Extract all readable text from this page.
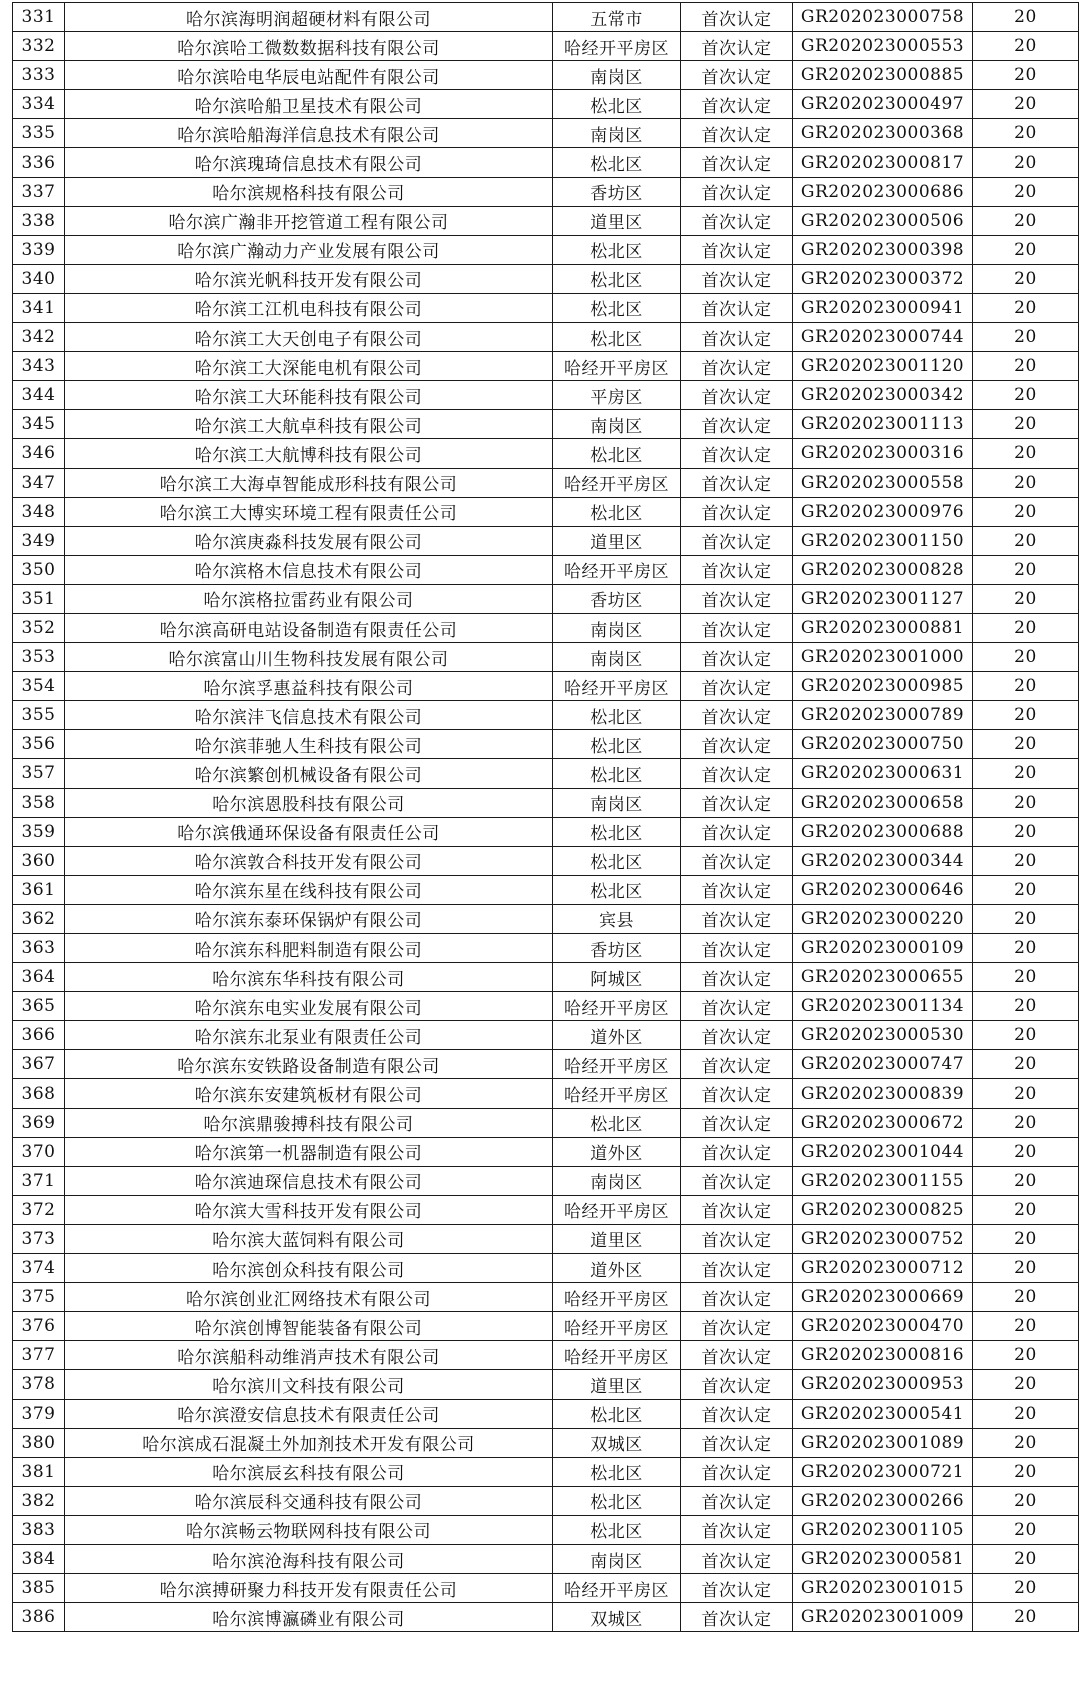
331	哈尔滨海明润超硬材料有限公司	五常市	首次认定	GR202023000758	20
332	哈尔滨哈工微数数据科技有限公司	哈经开平房区	首次认定	GR202023000553	20
333	哈尔滨哈电华辰电站配件有限公司	南岗区	首次认定	GR202023000885	20
334	哈尔滨哈船卫星技术有限公司	松北区	首次认定	GR202023000497	20
335	哈尔滨哈船海洋信息技术有限公司	南岗区	首次认定	GR202023000368	20
336	哈尔滨瑰琦信息技术有限公司	松北区	首次认定	GR202023000817	20
337	哈尔滨规格科技有限公司	香坊区	首次认定	GR202023000686	20
338	哈尔滨广瀚非开挖管道工程有限公司	道里区	首次认定	GR202023000506	20
339	哈尔滨广瀚动力产业发展有限公司	松北区	首次认定	GR202023000398	20
340	哈尔滨光帆科技开发有限公司	松北区	首次认定	GR202023000372	20
341	哈尔滨工江机电科技有限公司	松北区	首次认定	GR202023000941	20
342	哈尔滨工大天创电子有限公司	松北区	首次认定	GR202023000744	20
343	哈尔滨工大深能电机有限公司	哈经开平房区	首次认定	GR202023001120	20
344	哈尔滨工大环能科技有限公司	平房区	首次认定	GR202023000342	20
345	哈尔滨工大航卓科技有限公司	南岗区	首次认定	GR202023001113	20
346	哈尔滨工大航博科技有限公司	松北区	首次认定	GR202023000316	20
347	哈尔滨工大海卓智能成形科技有限公司	哈经开平房区	首次认定	GR202023000558	20
348	哈尔滨工大博实环境工程有限责任公司	松北区	首次认定	GR202023000976	20
349	哈尔滨庚淼科技发展有限公司	道里区	首次认定	GR202023001150	20
350	哈尔滨格木信息技术有限公司	哈经开平房区	首次认定	GR202023000828	20
351	哈尔滨格拉雷药业有限公司	香坊区	首次认定	GR202023001127	20
352	哈尔滨高研电站设备制造有限责任公司	南岗区	首次认定	GR202023000881	20
353	哈尔滨富山川生物科技发展有限公司	南岗区	首次认定	GR202023001000	20
354	哈尔滨孚惠益科技有限公司	哈经开平房区	首次认定	GR202023000985	20
355	哈尔滨沣飞信息技术有限公司	松北区	首次认定	GR202023000789	20
356	哈尔滨菲驰人生科技有限公司	松北区	首次认定	GR202023000750	20
357	哈尔滨繁创机械设备有限公司	松北区	首次认定	GR202023000631	20
358	哈尔滨恩股科技有限公司	南岗区	首次认定	GR202023000658	20
359	哈尔滨俄通环保设备有限责任公司	松北区	首次认定	GR202023000688	20
360	哈尔滨敦合科技开发有限公司	松北区	首次认定	GR202023000344	20
361	哈尔滨东星在线科技有限公司	松北区	首次认定	GR202023000646	20
362	哈尔滨东泰环保锅炉有限公司	宾县	首次认定	GR202023000220	20
363	哈尔滨东科肥料制造有限公司	香坊区	首次认定	GR202023000109	20
364	哈尔滨东华科技有限公司	阿城区	首次认定	GR202023000655	20
365	哈尔滨东电实业发展有限公司	哈经开平房区	首次认定	GR202023001134	20
366	哈尔滨东北泵业有限责任公司	道外区	首次认定	GR202023000530	20
367	哈尔滨东安铁路设备制造有限公司	哈经开平房区	首次认定	GR202023000747	20
368	哈尔滨东安建筑板材有限公司	哈经开平房区	首次认定	GR202023000839	20
369	哈尔滨鼎骏搏科技有限公司	松北区	首次认定	GR202023000672	20
370	哈尔滨第一机器制造有限公司	道外区	首次认定	GR202023001044	20
371	哈尔滨迪琛信息技术有限公司	南岗区	首次认定	GR202023001155	20
372	哈尔滨大雪科技开发有限公司	哈经开平房区	首次认定	GR202023000825	20
373	哈尔滨大蓝饲料有限公司	道里区	首次认定	GR202023000752	20
374	哈尔滨创众科技有限公司	道外区	首次认定	GR202023000712	20
375	哈尔滨创业汇网络技术有限公司	哈经开平房区	首次认定	GR202023000669	20
376	哈尔滨创博智能装备有限公司	哈经开平房区	首次认定	GR202023000470	20
377	哈尔滨船科动维消声技术有限公司	哈经开平房区	首次认定	GR202023000816	20
378	哈尔滨川文科技有限公司	道里区	首次认定	GR202023000953	20
379	哈尔滨澄安信息技术有限责任公司	松北区	首次认定	GR202023000541	20
380	哈尔滨成石混凝土外加剂技术开发有限公司	双城区	首次认定	GR202023001089	20
381	哈尔滨辰玄科技有限公司	松北区	首次认定	GR202023000721	20
382	哈尔滨辰科交通科技有限公司	松北区	首次认定	GR202023000266	20
383	哈尔滨畅云物联网科技有限公司	松北区	首次认定	GR202023001105	20
384	哈尔滨沧海科技有限公司	南岗区	首次认定	GR202023000581	20
385	哈尔滨搏研聚力科技开发有限责任公司	哈经开平房区	首次认定	GR202023001015	20
386	哈尔滨博瀛磷业有限公司	双城区	首次认定	GR202023001009	20
